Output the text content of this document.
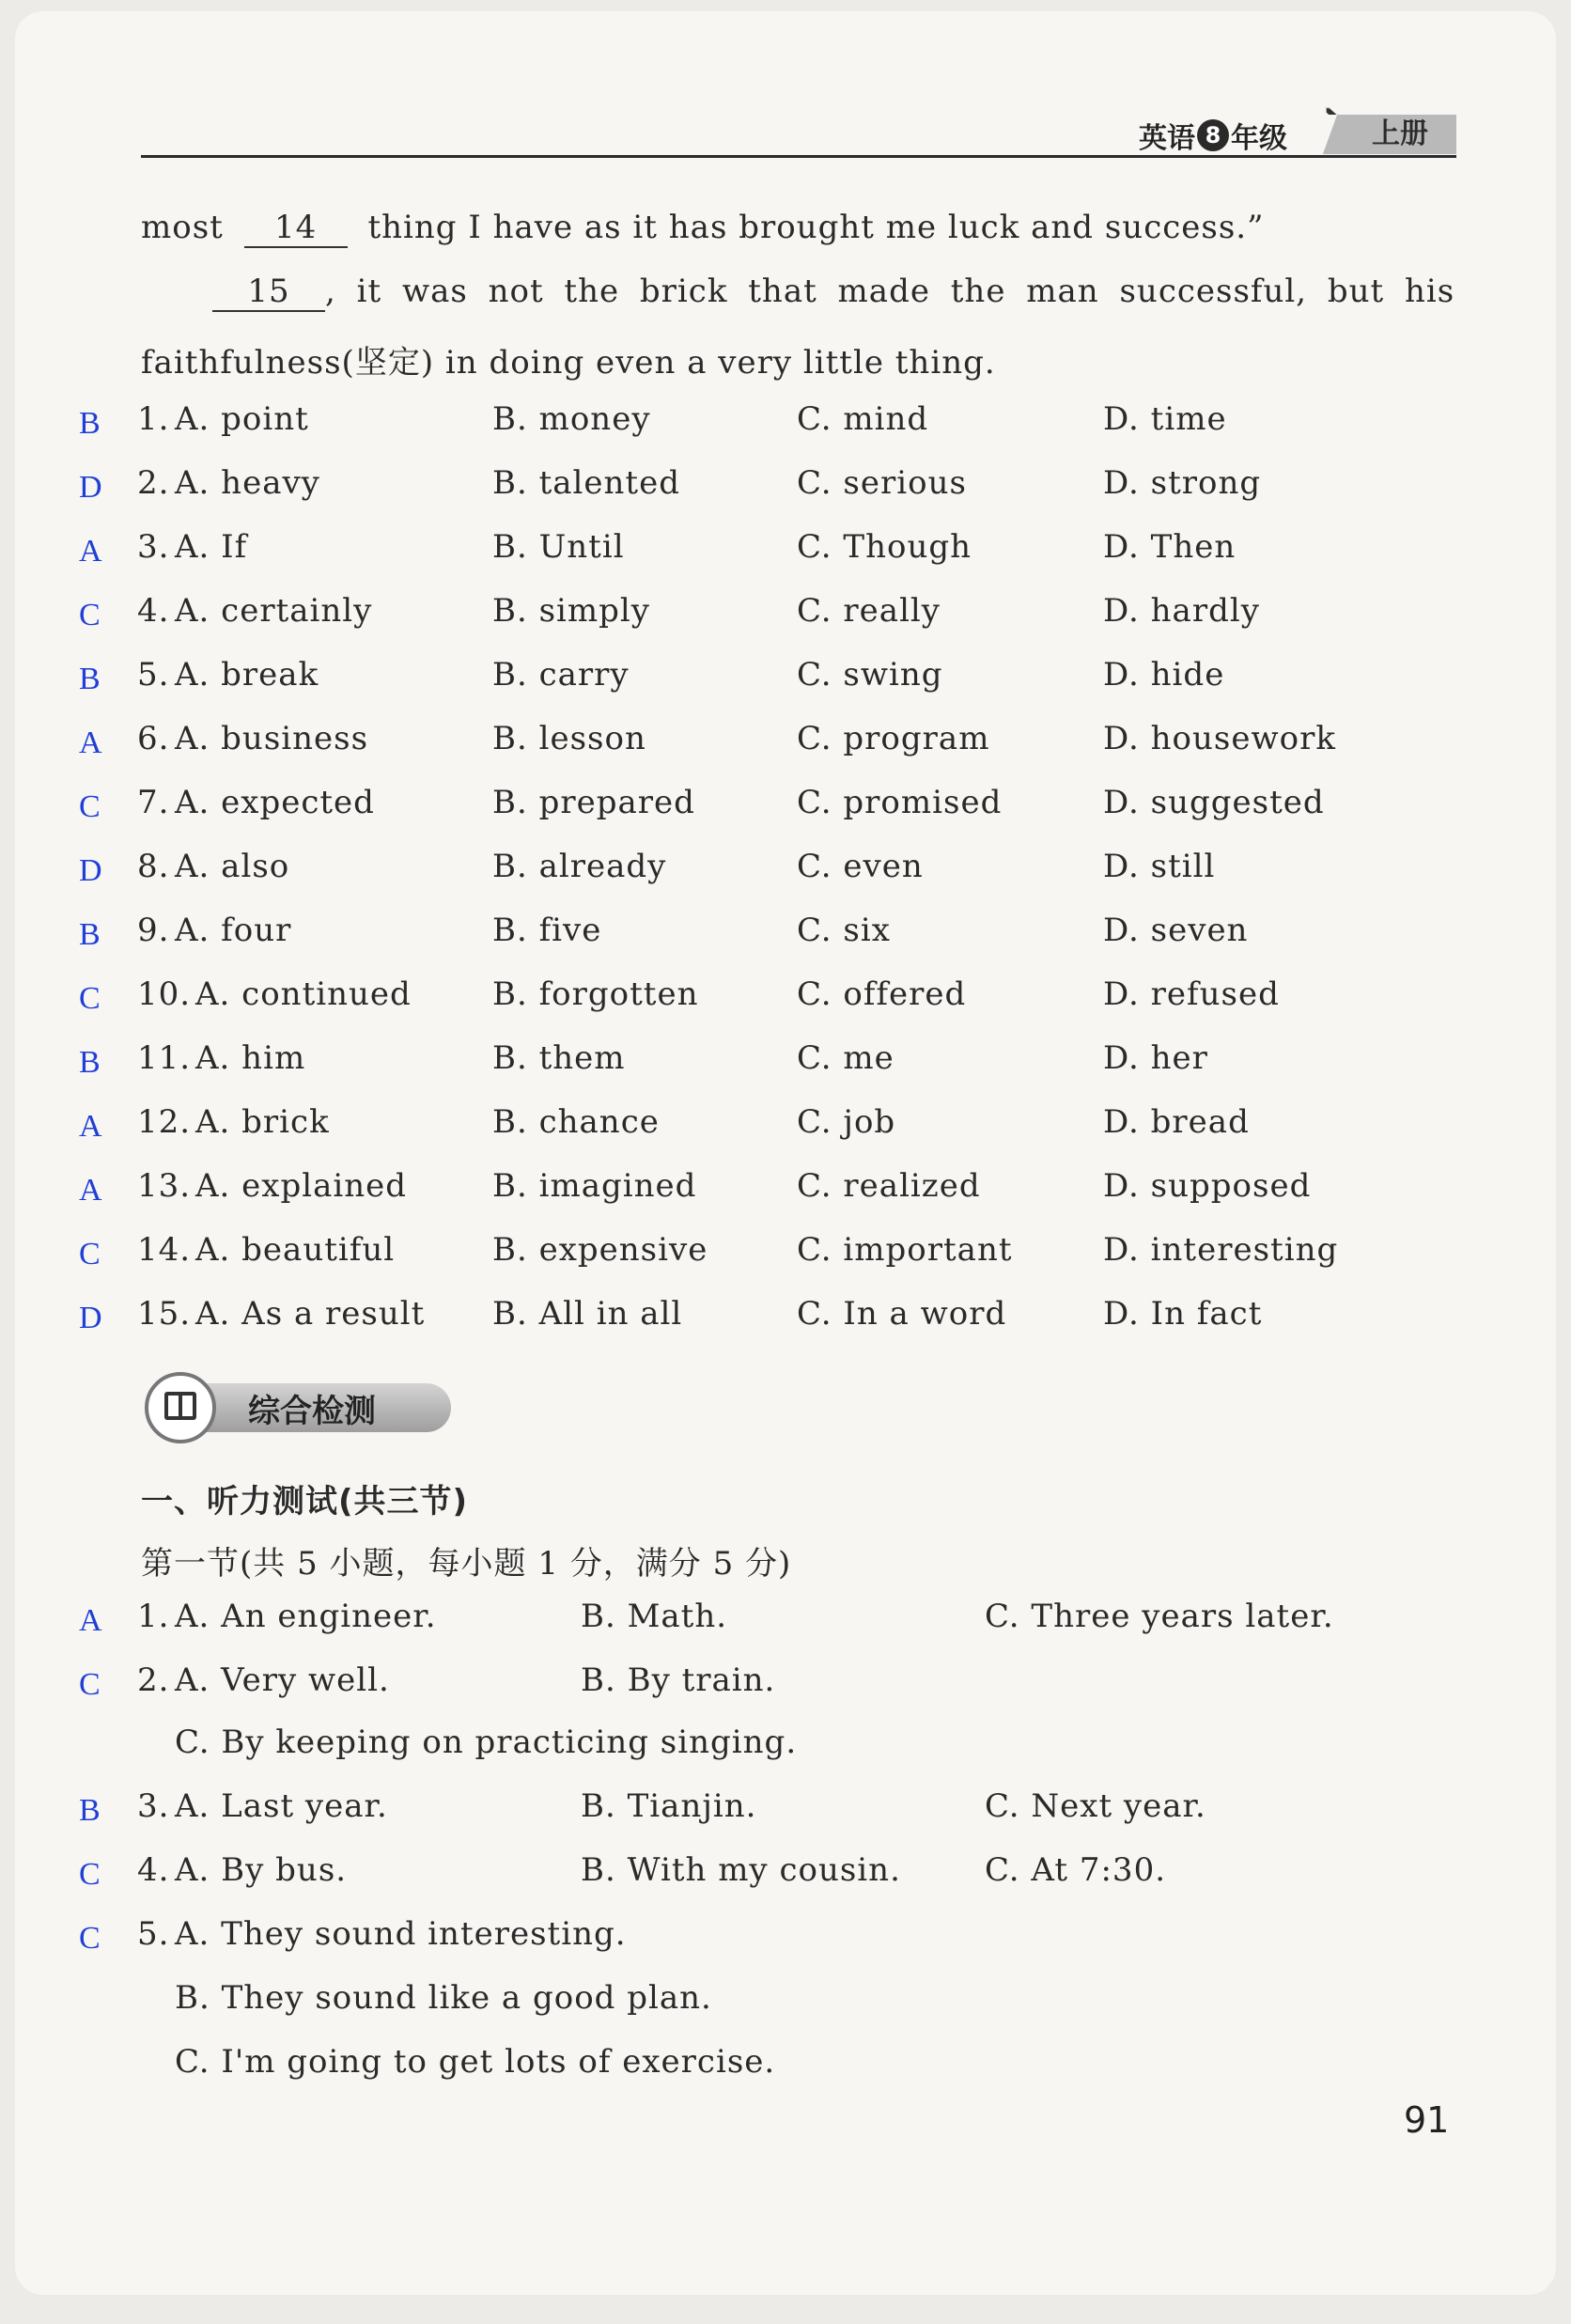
英语 8 年级	上册
most 14 thing I have as it has brought me luck and success.”
15 , it was not the brick that made the man successful, but his
faithfulness(坚定) in doing even a very little thing.
B 1. A. point	B. money	C. mind	D. time
D 2. A. heavy	B. talented	C. serious	D. strong
A 3. A. If	B. Until	C. Though	D. Then
C 4. A. certainly	B. simply	C. really	D. hardly
B 5. A. break	B. carry	C. swing	D. hide
A 6. A. business	B. lesson	C. program	D. housework
C 7. A. expected	B. prepared	C. promised	D. suggested
D 8. A. also	B. already	C. even	D. still
B 9. A. four	B. five	C. six	D. seven
C 10. A. continued	B. forgotten	C. offered	D. refused
B 11. A. him	B. them	C. me	D. her
A 12. A. brick	B. chance	C. job	D. bread
A 13. A. explained	B. imagined	C. realized	D. supposed
C 14. A. beautiful	B. expensive	C. important	D. interesting
D 15. A. As a result B. All in all	C. In a word	D. In fact
综合检测
一、听力测试(共三节)
第一节(共 5 小题，每小题 1 分，满分 5 分)
A 1. A. An engineer.	B. Math.	C. Three years later.
C 2. A. Very well.	B. By train.
C. By keeping on practicing singing.
B 3. A. Last year.	B. Tianjin.	C. Next year.
C 4. A. By bus.	B. With my cousin.	C. At 7:30.
C 5. A. They sound interesting.
B. They sound like a good plan.
C. I'm going to get lots of exercise.
91
